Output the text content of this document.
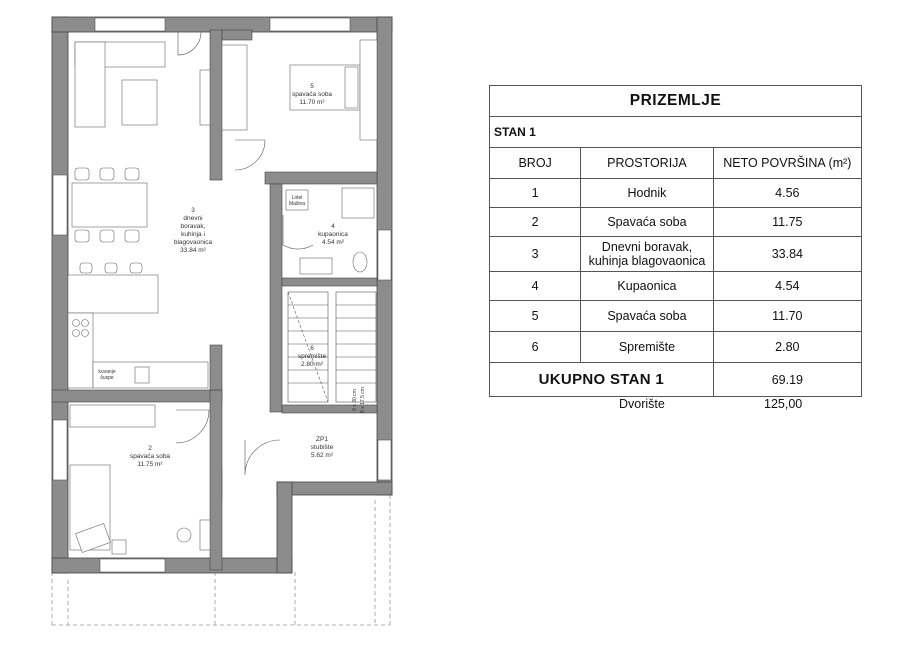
5 spavaća soba 11.70 m²
3 dnevni boravak, kuhinja i blagovaonica 33.84 m²
4 kupaonica 4.54 m²
6 spremište 2.80 m²
2 spavaća soba 11.75 m²
ZP1 stubište 5.62 m²
Lotel Mašina
kuvanje šuspe
8 x 30 cm 8 x 17,5 cm
PRIZEMLJE		
STAN 1		
BROJ	PROSTORIJA	NETO POVRŠINA (m²)
1	Hodnik	4.56
2	Spavaća soba	11.75
3	Dnevni boravak,
kuhinja blagovaonica	33.84
4	Kupaonica	4.54
5	Spavaća soba	11.70
6	Spremište	2.80
UKUPNO STAN 1		69.19
Dvorište	125,00
